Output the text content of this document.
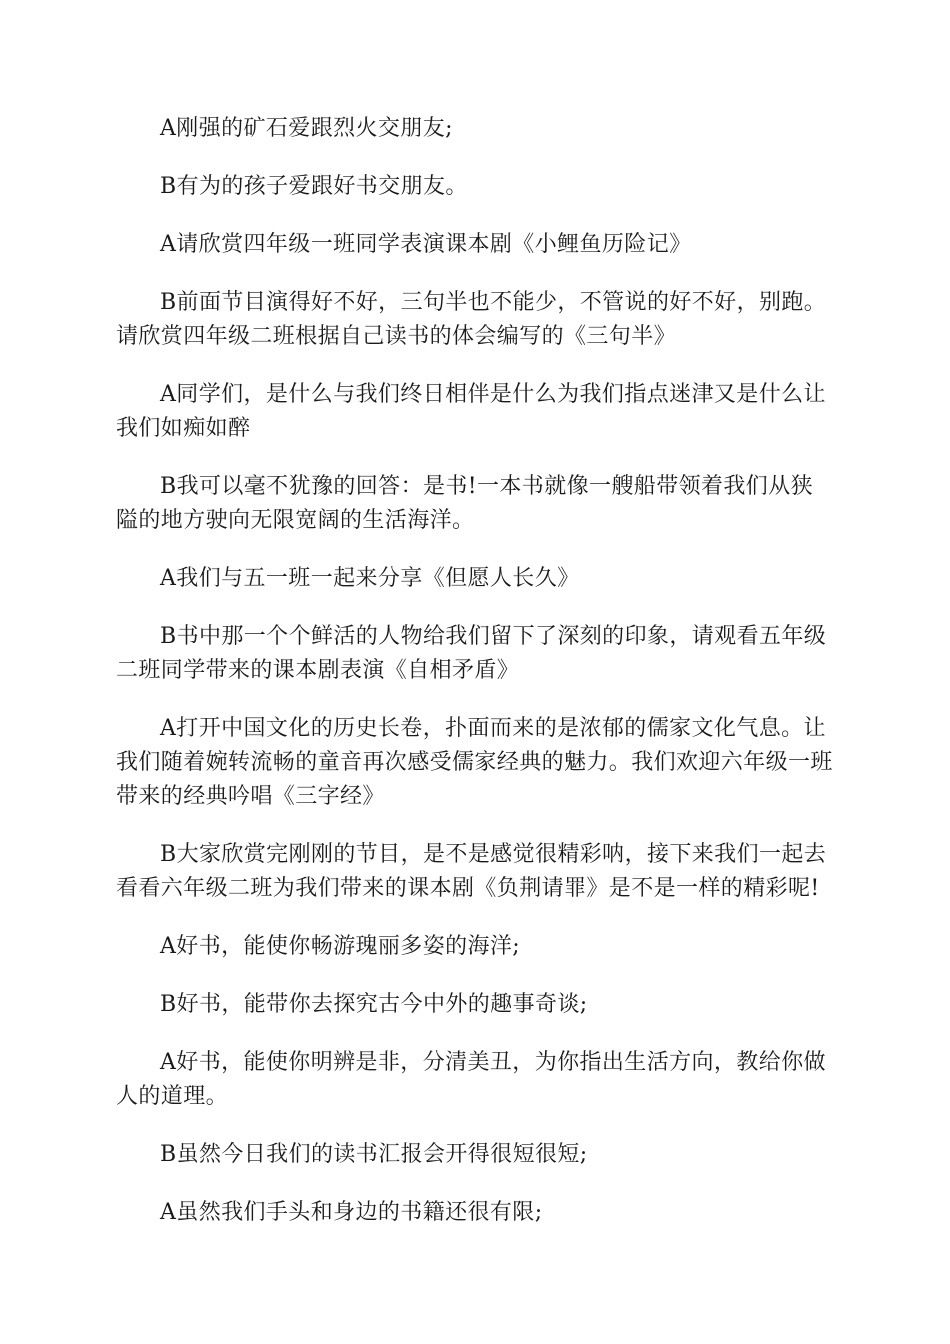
A刚强的矿石爱跟烈火交朋友;

B有为的孩子爱跟好书交朋友。

A请欣赏四年级一班同学表演课本剧《小鲤鱼历险记》

B前面节目演得好不好，三句半也不能少，不管说的好不好，别跑。请欣赏四年级二班根据自己读书的体会编写的《三句半》

A同学们，是什么与我们终日相伴是什么为我们指点迷津又是什么让我们如痴如醉

B我可以毫不犹豫的回答：是书!一本书就像一艘船带领着我们从狭隘的地方驶向无限宽阔的生活海洋。

A我们与五一班一起来分享《但愿人长久》

B书中那一个个鲜活的人物给我们留下了深刻的印象，请观看五年级二班同学带来的课本剧表演《自相矛盾》

A打开中国文化的历史长卷，扑面而来的是浓郁的儒家文化气息。让我们随着婉转流畅的童音再次感受儒家经典的魅力。我们欢迎六年级一班带来的经典吟唱《三字经》

B大家欣赏完刚刚的节目，是不是感觉很精彩呐，接下来我们一起去看看六年级二班为我们带来的课本剧《负荆请罪》是不是一样的精彩呢!

A好书，能使你畅游瑰丽多姿的海洋;

B好书，能带你去探究古今中外的趣事奇谈;

A好书，能使你明辨是非，分清美丑，为你指出生活方向，教给你做人的道理。

B虽然今日我们的读书汇报会开得很短很短;

A虽然我们手头和身边的书籍还很有限;
